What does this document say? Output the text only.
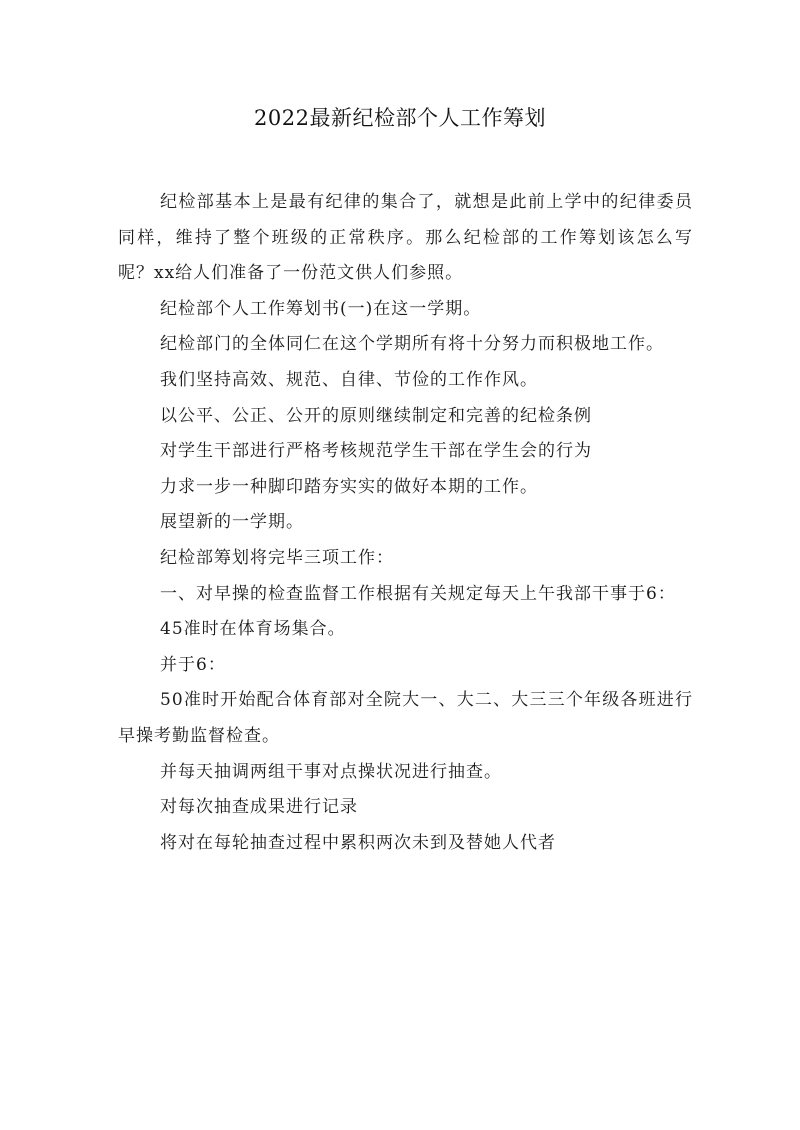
2022最新纪检部个人工作筹划

纪检部基本上是最有纪律的集合了，就想是此前上学中的纪律委员同样，维持了整个班级的正常秩序。那么纪检部的工作筹划该怎么写呢？xx给人们准备了一份范文供人们参照。

纪检部个人工作筹划书(一)在这一学期。

纪检部门的全体同仁在这个学期所有将十分努力而积极地工作。

我们坚持高效、规范、自律、节俭的工作作风。

以公平、公正、公开的原则继续制定和完善的纪检条例

对学生干部进行严格考核规范学生干部在学生会的行为

力求一步一种脚印踏夯实实的做好本期的工作。

展望新的一学期。

纪检部筹划将完毕三项工作：

一、对早操的检查监督工作根据有关规定每天上午我部干事于6：

45准时在体育场集合。

并于6：

50准时开始配合体育部对全院大一、大二、大三三个年级各班进行早操考勤监督检查。

并每天抽调两组干事对点操状况进行抽查。

对每次抽查成果进行记录

将对在每轮抽查过程中累积两次未到及替她人代者
